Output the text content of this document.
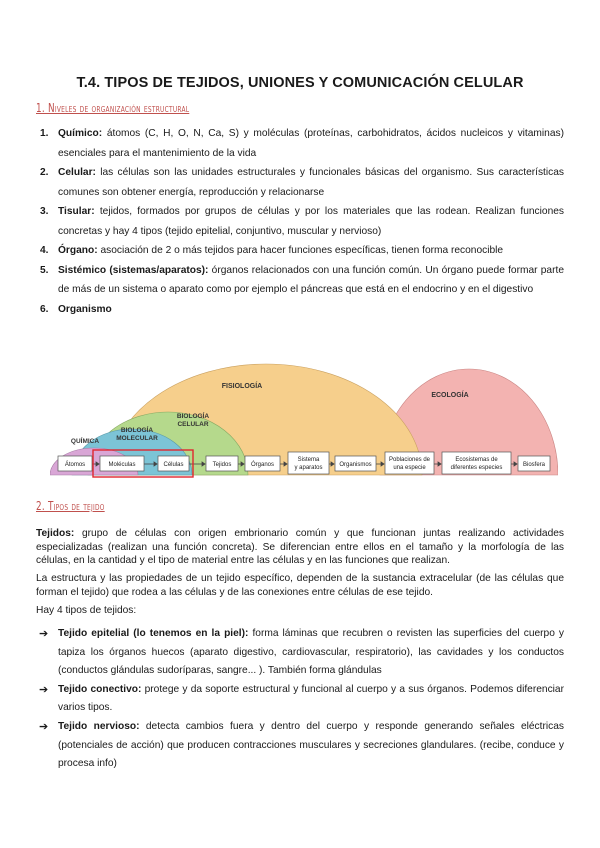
T.4. TIPOS DE TEJIDOS, UNIONES Y COMUNICACIÓN CELULAR
1. Niveles de organización estructural
1. Químico: átomos (C, H, O, N, Ca, S) y moléculas (proteínas, carbohidratos, ácidos nucleicos y vitaminas) esenciales para el mantenimiento de la vida
2. Celular: las células son las unidades estructurales y funcionales básicas del organismo. Sus características comunes son obtener energía, reproducción y relacionarse
3. Tisular: tejidos, formados por grupos de células y por los materiales que las rodean. Realizan funciones concretas y hay 4 tipos (tejido epitelial, conjuntivo, muscular y nervioso)
4. Órgano: asociación de 2 o más tejidos para hacer funciones específicas, tienen forma reconocible
5. Sistémico (sistemas/aparatos): órganos relacionados con una función común. Un órgano puede formar parte de más de un sistema o aparato como por ejemplo el páncreas que está en el endocrino y en el digestivo
6. Organismo
FISIOLOGÍA
ECOLOGÍA
BIOLOGÍA
CELULAR
BIOLOGÍA
MOLECULAR
QUÍMICA
Átomos	Moléculas	Células	Tejidos	Órganos
Sistema
y aparatos	Organismos
Poblaciones de
una especie
Ecosistemas de
diferentes especies	Biosfera
2. Tipos de tejido

Tejidos: grupo de células con origen embrionario común y que funcionan juntas realizando actividades especializadas (realizan una función concreta). Se diferencian entre ellos en el tamaño y la morfología de las células, en la cantidad y el tipo de material entre las células y en las funciones que realizan.

La estructura y las propiedades de un tejido específico, dependen de la sustancia extracelular (de las células que forman el tejido) que rodea a las células y de las conexiones entre células de ese tejido.

Hay 4 tipos de tejidos:

➔ Tejido epitelial (lo tenemos en la piel): forma láminas que recubren o revisten las superficies del cuerpo y tapiza los órganos huecos (aparato digestivo, cardiovascular, respiratorio), las cavidades y los conductos (conductos glándulas sudoríparas, sangre... ). También forma glándulas
➔ Tejido conectivo: protege y da soporte estructural y funcional al cuerpo y a sus órganos. Podemos diferenciar varios tipos.
➔ Tejido nervioso: detecta cambios fuera y dentro del cuerpo y responde generando señales eléctricas (potenciales de acción) que producen contracciones musculares y secreciones glandulares. (recibe, conduce y procesa info)
